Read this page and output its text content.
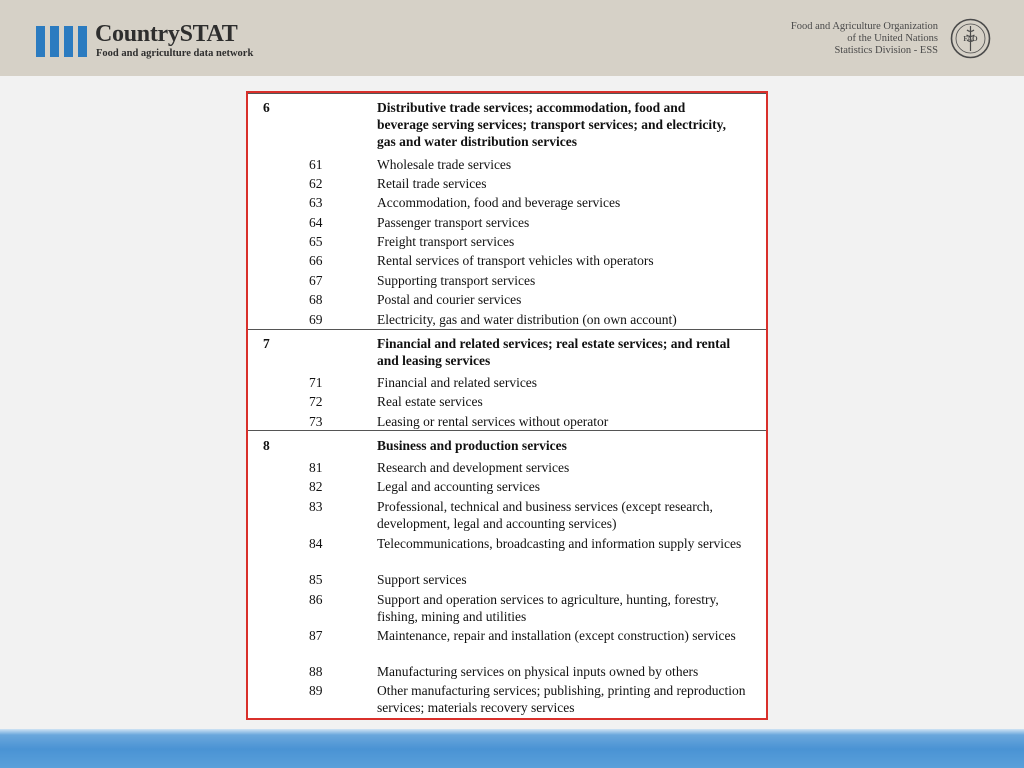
CountrySTAT
Food and agriculture data network
Food and Agriculture Organization
of the United Nations
Statistics Division - ESS
FAO
6	Distributive trade services; accommodation, food and beverage serving services; transport services; and electricity, gas and water distribution services
61	Wholesale trade services
62	Retail trade services
63	Accommodation, food and beverage services
64	Passenger transport services
65	Freight transport services
66	Rental services of transport vehicles with operators
67	Supporting transport services
68	Postal and courier services
69	Electricity, gas and water distribution (on own account)
7	Financial and related services; real estate services; and rental and leasing services
71	Financial and related services
72	Real estate services
73	Leasing or rental services without operator
8	Business and production services
81	Research and development services
82	Legal and accounting services
83	Professional, technical and business services (except research, development, legal and accounting services)
84	Telecommunications, broadcasting and information supply services
85	Support services
86	Support and operation services to agriculture, hunting, forestry, fishing, mining and utilities
87	Maintenance, repair and installation (except construction) services
88	Manufacturing services on physical inputs owned by others
89	Other manufacturing services; publishing, printing and reproduction services; materials recovery services
